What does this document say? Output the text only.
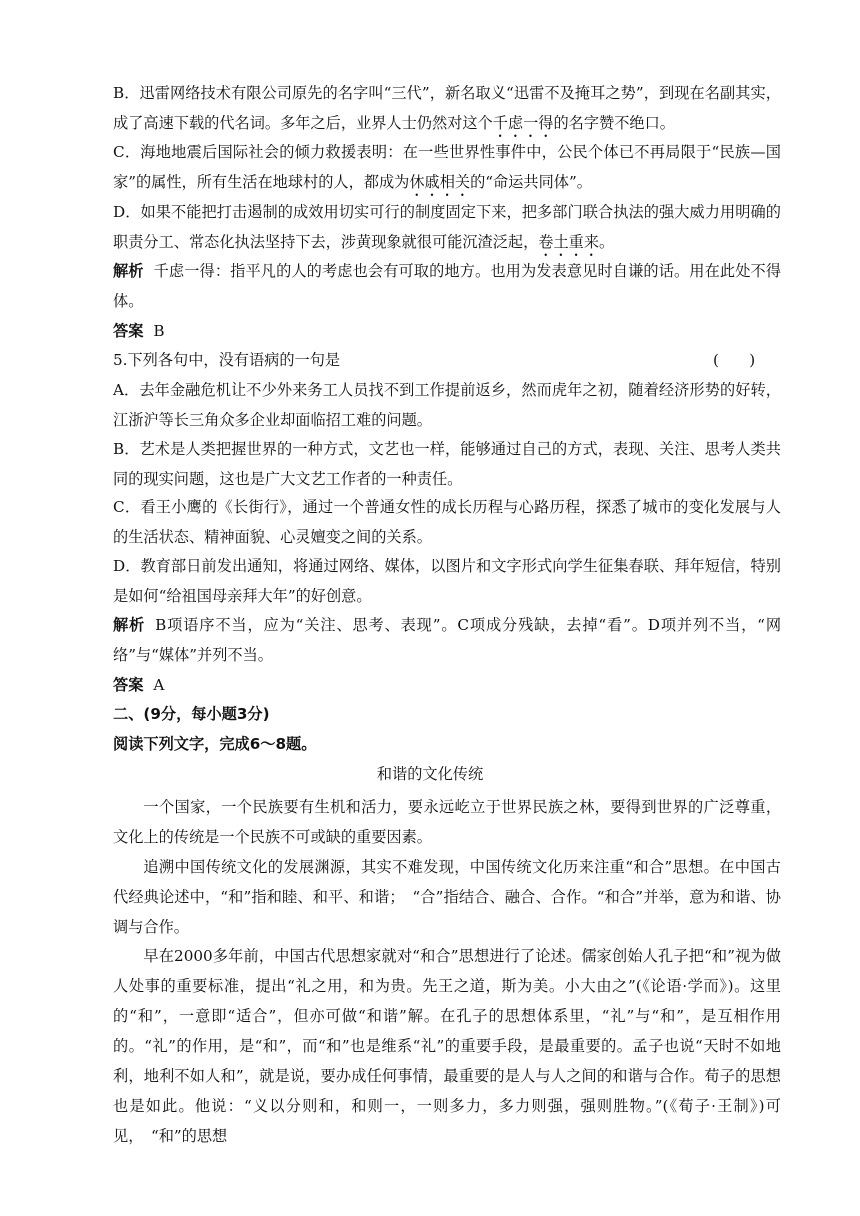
B．迅雷网络技术有限公司原先的名字叫“三代”，新名取义“迅雷不及掩耳之势”，到现在名副其实，成了高速下载的代名词。多年之后，业界人士仍然对这个千虑一得的名字赞不绝口。

C．海地地震后国际社会的倾力救援表明：在一些世界性事件中，公民个体已不再局限于“民族—国家”的属性，所有生活在地球村的人，都成为休戚相关的“命运共同体”。

D．如果不能把打击遏制的成效用切实可行的制度固定下来，把多部门联合执法的强大威力用明确的职责分工、常态化执法坚持下去，涉黄现象就很可能沉渣泛起，卷土重来。

解析 千虑一得：指平凡的人的考虑也会有可取的地方。也用为发表意见时自谦的话。用在此处不得体。

答案 B

5.下列各句中，没有语病的一句是	(　　)

A．去年金融危机让不少外来务工人员找不到工作提前返乡，然而虎年之初，随着经济形势的好转，江浙沪等长三角众多企业却面临招工难的问题。

B．艺术是人类把握世界的一种方式，文艺也一样，能够通过自己的方式，表现、关注、思考人类共同的现实问题，这也是广大文艺工作者的一种责任。

C．看王小鹰的《长街行》，通过一个普通女性的成长历程与心路历程，探悉了城市的变化发展与人的生活状态、精神面貌、心灵嬗变之间的关系。

D．教育部日前发出通知，将通过网络、媒体，以图片和文字形式向学生征集春联、拜年短信，特别是如何“给祖国母亲拜大年”的好创意。

解析 B项语序不当，应为“关注、思考、表现”。C项成分残缺，去掉“看”。D项并列不当，“网络”与“媒体”并列不当。

答案 A

二、(9分，每小题3分)

阅读下列文字，完成6～8题。

和谐的文化传统

一个国家，一个民族要有生机和活力，要永远屹立于世界民族之林，要得到世界的广泛尊重，文化上的传统是一个民族不可或缺的重要因素。

追溯中国传统文化的发展渊源，其实不难发现，中国传统文化历来注重“和合”思想。在中国古代经典论述中，“和”指和睦、和平、和谐；　“合”指结合、融合、合作。“和合”并举，意为和谐、协调与合作。

早在2000多年前，中国古代思想家就对“和合”思想进行了论述。儒家创始人孔子把“和”视为做人处事的重要标准，提出“礼之用，和为贵。先王之道，斯为美。小大由之”(《论语·学而》)。这里的“和”，一意即“适合”，但亦可做“和谐”解。在孔子的思想体系里，“礼”与“和”，是互相作用的。“礼”的作用，是“和”，而“和”也是维系“礼”的重要手段，是最重要的。孟子也说“天时不如地利，地利不如人和”，就是说，要办成任何事情，最重要的是人与人之间的和谐与合作。荀子的思想也是如此。他说：“义以分则和，和则一，一则多力，多力则强，强则胜物。”(《荀子·王制》)可见，　“和”的思想
